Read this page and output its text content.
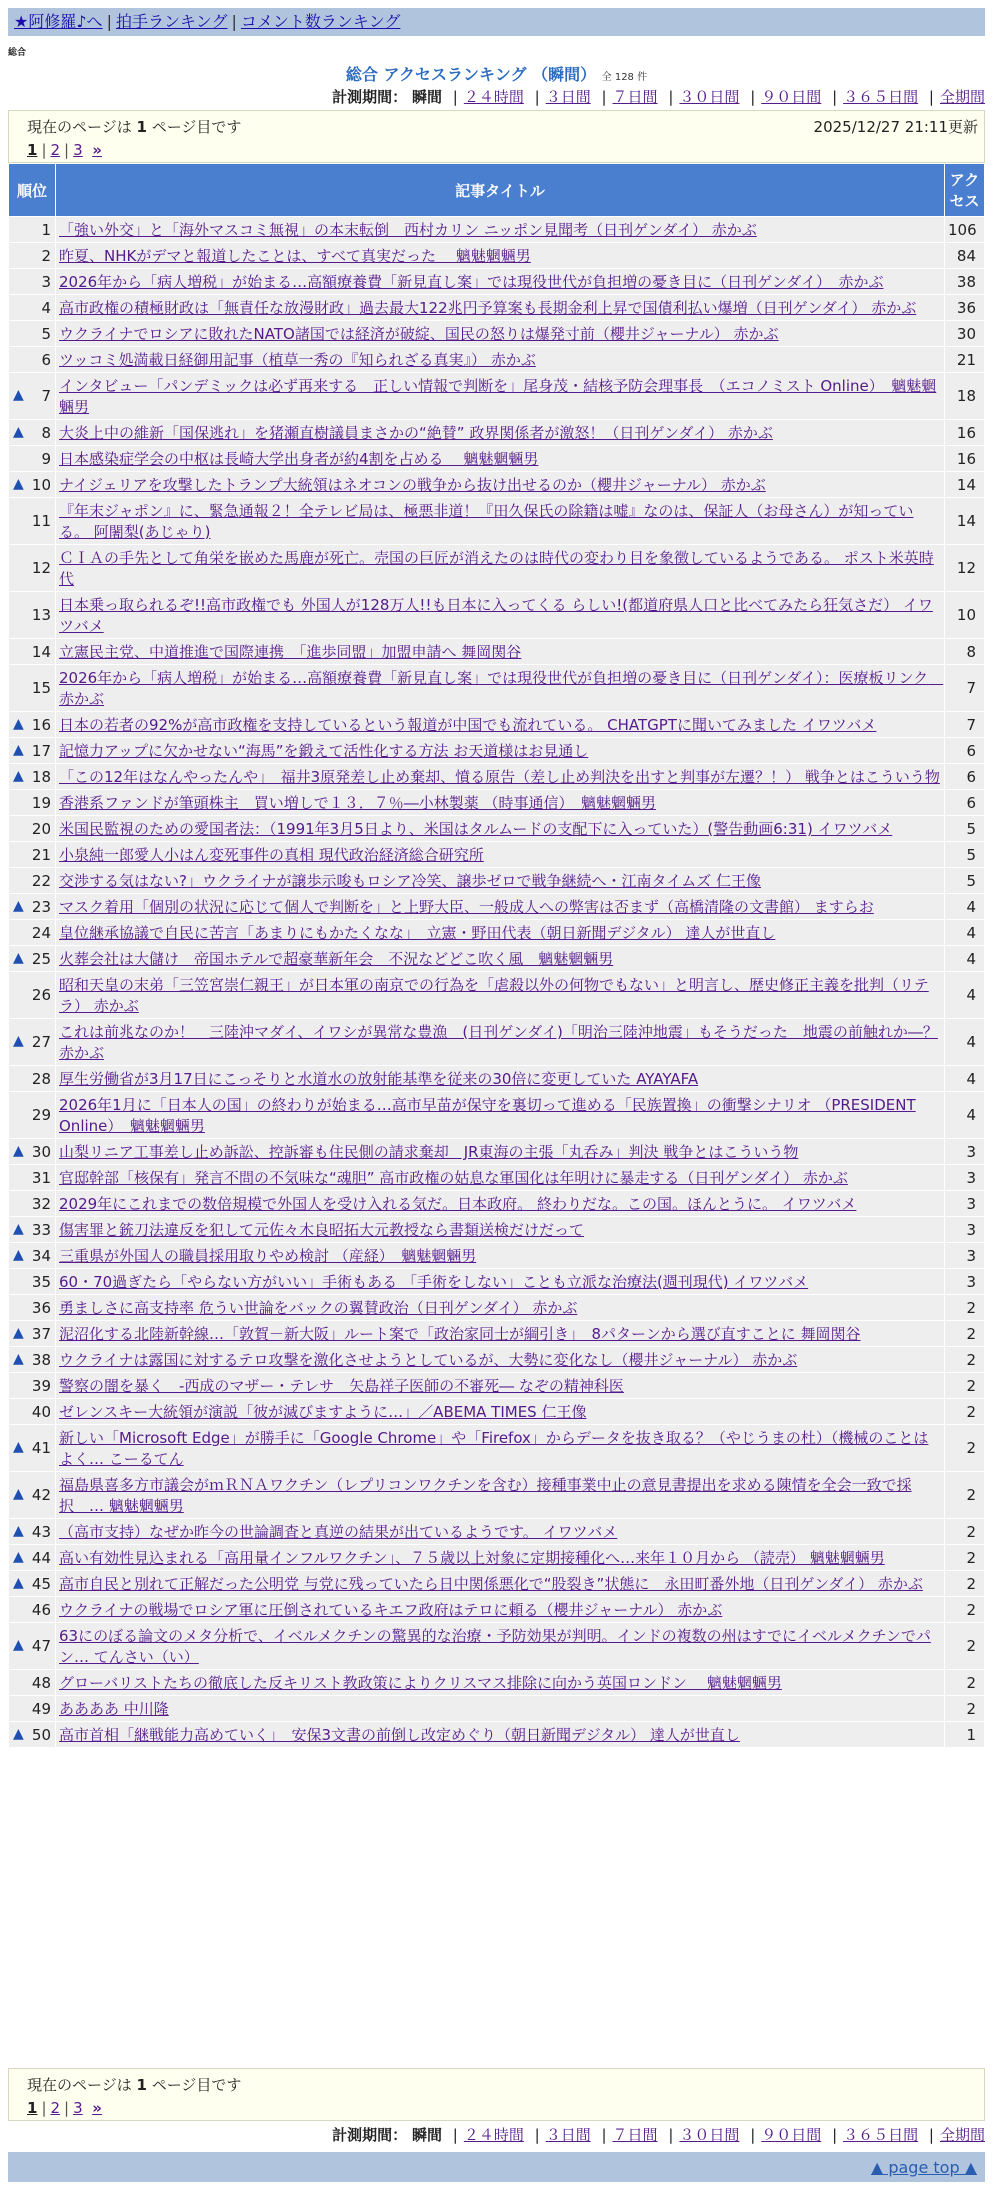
★阿修羅♪へ | 拍手ランキング | コメント数ランキング
総合
総合 アクセスランキング （瞬間） 全 128 件
計測期間： 瞬間 | ２４時間 | ３日間 | ７日間 | ３０日間 | ９０日間 | ３６５日間 | 全期間
現在のページは 1 ページ目です	2025/12/27 21:11更新
1 | 2 | 3 »
順位	記事タイトル	アクセス
1	「強い外交」と「海外マスコミ無視」の本末転倒　西村カリン ニッポン見聞考（日刊ゲンダイ） 赤かぶ	106
2	昨夏、NHKがデマと報道したことは、すべて真実だった　 魑魅魍魎男	84
3	2026年から「病人増税」が始まる…高額療養費「新見直し案」では現役世代が負担増の憂き目に（日刊ゲンダイ）　赤かぶ	38
4	高市政権の積極財政は「無責任な放漫財政」過去最大122兆円予算案も長期金利上昇で国債利払い爆増（日刊ゲンダイ） 赤かぶ	36
5	ウクライナでロシアに敗れたNATO諸国では経済が破綻、国民の怒りは爆発寸前（櫻井ジャーナル） 赤かぶ	30
6	ツッコミ処満載日経御用記事（植草一秀の『知られざる真実』） 赤かぶ	21

▲ 7	インタビュー「パンデミックは必ず再来する　正しい情報で判断を」尾身茂・結核予防会理事長　（エコノミスト Online）　魑魅魍魎男	18

▲ 8	大炎上中の維新「国保逃れ」を猪瀬直樹議員まさかの“絶賛” 政界関係者が激怒！（日刊ゲンダイ） 赤かぶ	16
9	日本感染症学会の中枢は長崎大学出身者が約4割を占める　 魑魅魍魎男	16

▲ 10	ナイジェリアを攻撃したトランプ大統領はネオコンの戦争から抜け出せるのか（櫻井ジャーナル） 赤かぶ	14
11	『年末ジャポン』に、緊急通報２！全テレビ局は、極悪非道！『田久保氏の除籍は嘘』なのは、保証人（お母さん）が知っている。 阿闍梨(あじゃり)	14
12	ＣＩＡの手先として角栄を嵌めた馬鹿が死亡。売国の巨匠が消えたのは時代の変わり目を象徴しているようである。 ポスト米英時代	12
13	日本乗っ取られるぞ!!高市政権でも 外国人が128万人!!も日本に入ってくる らしい!(都道府県人口と比べてみたら狂気さだ） イワツバメ	10
14	立憲民主党、中道推進で国際連携　「進歩同盟」加盟申請へ 舞岡関谷	8
15	2026年から「病人増税」が始まる…高額療養費「新見直し案」では現役世代が負担増の憂き目に（日刊ゲンダイ）：医療板リンク　赤かぶ	7

▲ 16	日本の若者の92%が高市政権を支持しているという報道が中国でも流れている。 CHATGPTに聞いてみました イワツバメ	7

▲ 17	記憶力アップに欠かせない“海馬”を鍛えて活性化する方法 お天道様はお見通し	6

▲ 18	「この12年はなんやったんや」　福井3原発差し止め棄却、憤る原告（差し止め判決を出すと判事が左遷？！） 戦争とはこういう物	6
19	香港系ファンドが筆頭株主　買い増しで１３．７％―小林製薬 （時事通信）　魑魅魍魎男	6
20	米国民監視のための愛国者法：（1991年3月5日より、米国はタルムードの支配下に入っていた）(警告動画6:31) イワツバメ	5
21	小泉純一郎愛人小はん変死事件の真相 現代政治経済総合研究所	5
22	交渉する気はない?」ウクライナが譲歩示唆もロシア冷笑、譲歩ゼロで戦争継続へ・江南タイムズ 仁王像	5

▲ 23	マスク着用「個別の状況に応じて個人で判断を」と上野大臣、一般成人への弊害は否まず（高橋清隆の文書館） ますらお	4
24	皇位継承協議で自民に苦言「あまりにもかたくなな」　立憲・野田代表（朝日新聞デジタル） 達人が世直し	4

▲ 25	火葬会社は大儲け　帝国ホテルで超豪華新年会　不況などどこ吹く風　魑魅魍魎男	4
26	昭和天皇の末弟「三笠宮崇仁親王」が日本軍の南京での行為を「虐殺以外の何物でもない」と明言し、歴史修正主義を批判（リテラ） 赤かぶ	4

▲ 27	これは前兆なのか！　三陸沖マダイ、イワシが異常な豊漁　(日刊ゲンダイ)「明治三陸沖地震」もそうだった　地震の前触れか―？ 赤かぶ	4
28	厚生労働省が3月17日にこっそりと水道水の放射能基準を従来の30倍に変更していた AYAYAFA	4
29	2026年1月に「日本人の国」の終わりが始まる…高市早苗が保守を裏切って進める「民族置換」の衝撃シナリオ （PRESIDENT Online）　魑魅魍魎男	4

▲ 30	山梨リニア工事差し止め訴訟、控訴審も住民側の請求棄却　JR東海の主張「丸呑み」判決 戦争とはこういう物	3
31	官邸幹部「核保有」発言不問の不気味な“魂胆” 高市政権の姑息な軍国化は年明けに暴走する（日刊ゲンダイ） 赤かぶ	3
32	2029年にこれまでの数倍規模で外国人を受け入れる気だ。日本政府。 終わりだな。この国。ほんとうに。 イワツバメ	3

▲ 33	傷害罪と銃刀法違反を犯して元佐々木良昭拓大元教授なら書類送検だけだって	3

▲ 34	三重県が外国人の職員採用取りやめ検討 （産経）　魑魅魍魎男	3
35	60・70過ぎたら「やらない方がいい」手術もある 「手術をしない」ことも立派な治療法(週刊現代) イワツバメ	3
36	勇ましさに高支持率 危うい世論をバックの翼賛政治（日刊ゲンダイ） 赤かぶ	2

▲ 37	泥沼化する北陸新幹線…「敦賀－新大阪」ルート案で「政治家同士が綱引き」　8パターンから選び直すことに 舞岡関谷	2

▲ 38	ウクライナは露国に対するテロ攻撃を激化させようとしているが、大勢に変化なし（櫻井ジャーナル） 赤かぶ	2
39	警察の闇を暴く　-西成のマザー・テレサ　矢島祥子医師の不審死― なぞの精神科医	2
40	ゼレンスキー大統領が演説「彼が滅びますように…」／ABEMA TIMES 仁王像	2

▲ 41	新しい「Microsoft Edge」が勝手に「Google Chrome」や「Firefox」からデータを抜き取る？（やじうまの杜）（機械のことはよく… こーるてん	2

▲ 42	福島県喜多方市議会がｍＲＮＡワクチン（レプリコンワクチンを含む）接種事業中止の意見書提出を求める陳情を全会一致で採択　… 魑魅魍魎男	2

▲ 43	（高市支持）なぜか昨今の世論調査と真逆の結果が出ているようです。 イワツバメ	2

▲ 44	高い有効性見込まれる「高用量インフルワクチン」、７５歳以上対象に定期接種化へ…来年１０月から （読売） 魑魅魍魎男	2

▲ 45	高市自民と別れて正解だった公明党 与党に残っていたら日中関係悪化で“股裂き”状態に　永田町番外地（日刊ゲンダイ） 赤かぶ	2
46	ウクライナの戦場でロシア軍に圧倒されているキエフ政府はテロに頼る（櫻井ジャーナル） 赤かぶ	2

▲ 47	63にのぼる論文のメタ分析で、イベルメクチンの驚異的な治療・予防効果が判明。インドの複数の州はすでにイベルメクチンでパン… てんさい（い）	2
48	グローバリストたちの徹底した反キリスト教政策によりクリスマス排除に向かう英国ロンドン　 魑魅魍魎男	2
49	ああああ 中川隆	2

▲ 50	高市首相「継戦能力高めていく」　安保3文書の前倒し改定めぐり（朝日新聞デジタル） 達人が世直し	1
現在のページは 1 ページ目です
1 | 2 | 3 »
計測期間： 瞬間 | ２４時間 | ３日間 | ７日間 | ３０日間 | ９０日間 | ３６５日間 | 全期間
▲ page top ▲
